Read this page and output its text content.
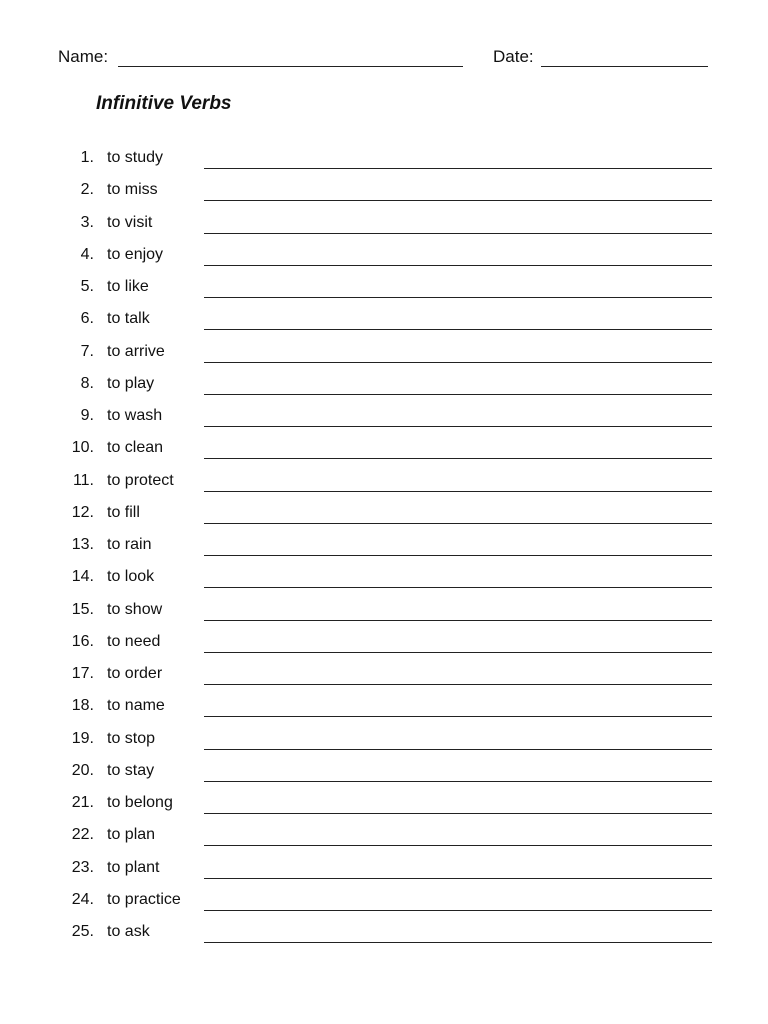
Name:	Date:
Infinitive Verbs
1. to study
2. to miss
3. to visit
4. to enjoy
5. to like
6. to talk
7. to arrive
8. to play
9. to wash
10. to clean
11. to protect
12. to fill
13. to rain
14. to look
15. to show
16. to need
17. to order
18. to name
19. to stop
20. to stay
21. to belong
22. to plan
23. to plant
24. to practice
25. to ask
